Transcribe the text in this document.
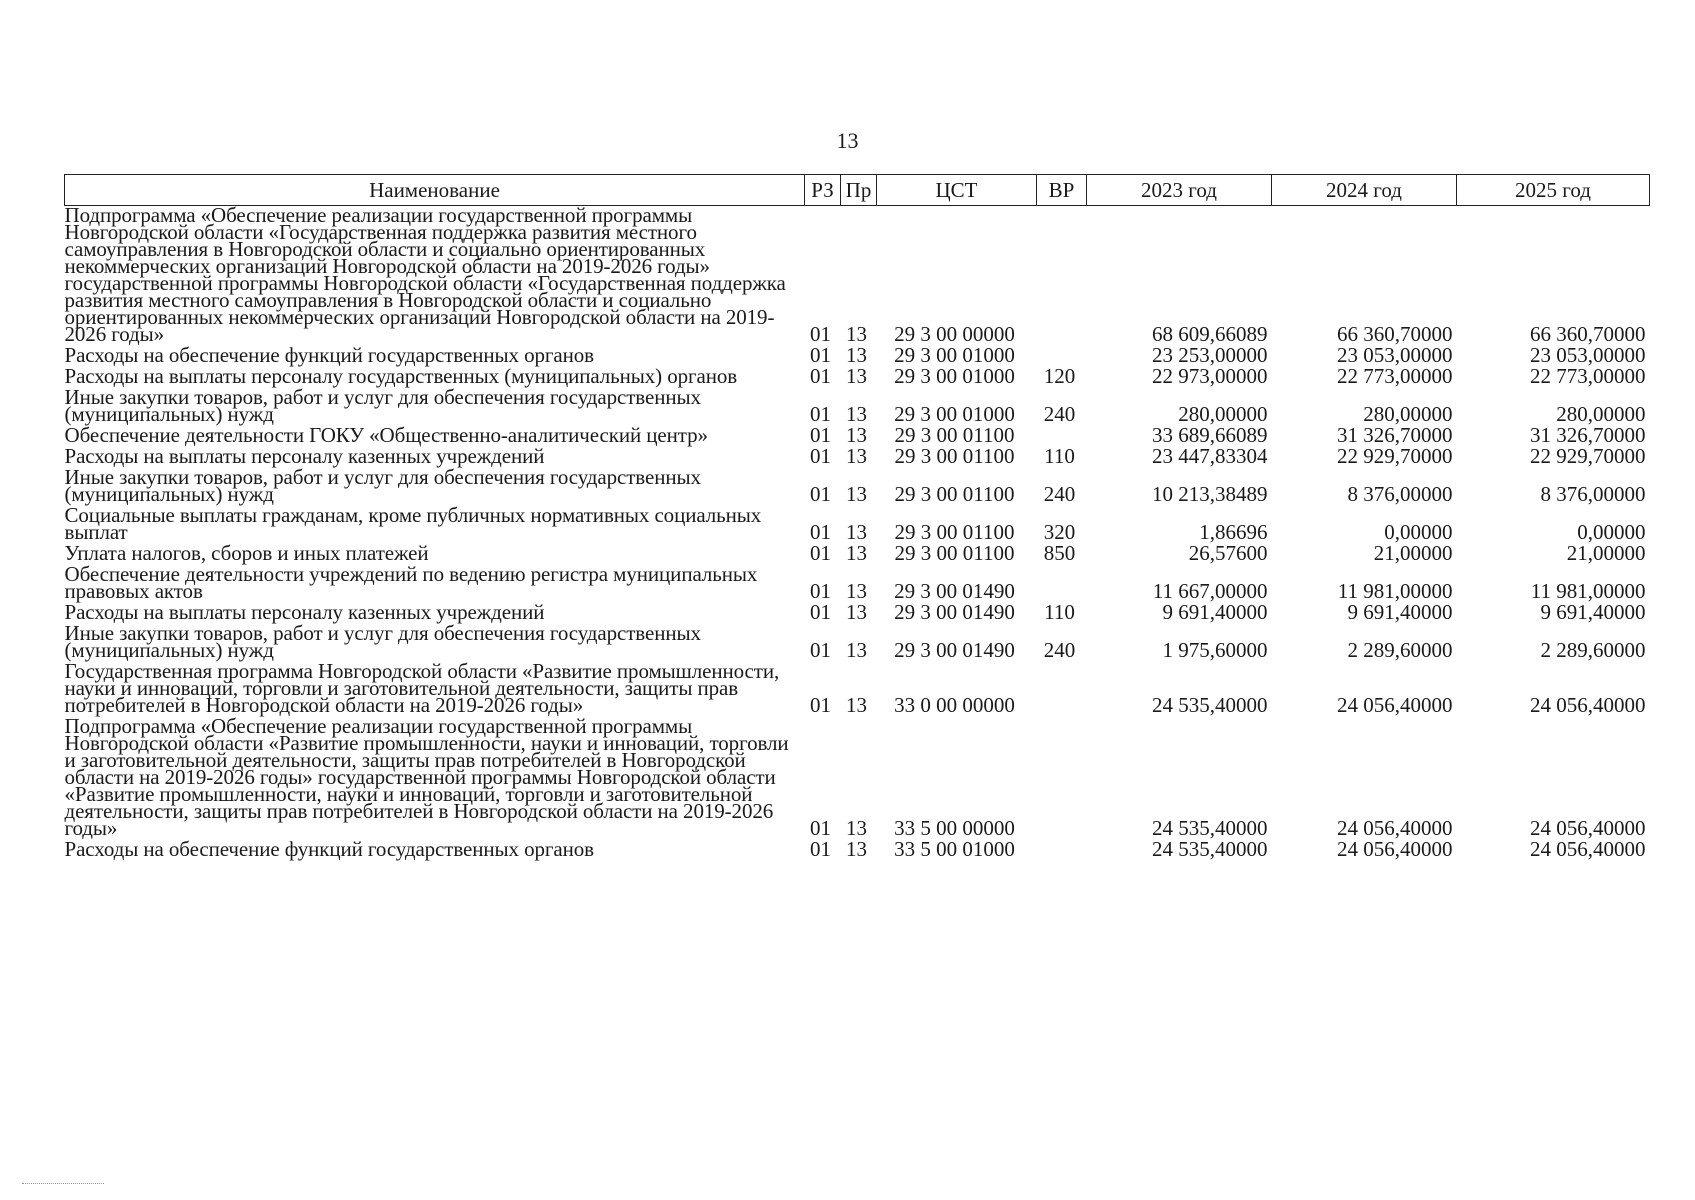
13
Наименование	РЗ	Пр	ЦСТ	ВР	2023 год	2024 год	2025 год
Подпрограмма «Обеспечение реализации государственной программы Новгородской области «Государственная поддержка развития местного самоуправления в Новгородской области и социально ориентированных некоммерческих организаций Новгородской области на 2019-2026 годы» государственной программы Новгородской области «Государственная поддержка развития местного самоуправления в Новгородской области и социально ориентированных некоммерческих организаций Новгородской области на 2019-2026 годы»	01	13	29 3 00 00000		68 609,66089	66 360,70000	66 360,70000
Расходы на обеспечение функций государственных органов	01	13	29 3 00 01000		23 253,00000	23 053,00000	23 053,00000
Расходы на выплаты персоналу государственных (муниципальных) органов	01	13	29 3 00 01000	120	22 973,00000	22 773,00000	22 773,00000
Иные закупки товаров, работ и услуг для обеспечения государственных (муниципальных) нужд	01	13	29 3 00 01000	240	280,00000	280,00000	280,00000
Обеспечение деятельности ГОКУ «Общественно-аналитический центр»	01	13	29 3 00 01100		33 689,66089	31 326,70000	31 326,70000
Расходы на выплаты персоналу казенных учреждений	01	13	29 3 00 01100	110	23 447,83304	22 929,70000	22 929,70000
Иные закупки товаров, работ и услуг для обеспечения государственных (муниципальных) нужд	01	13	29 3 00 01100	240	10 213,38489	8 376,00000	8 376,00000
Социальные выплаты гражданам, кроме публичных нормативных социальных выплат	01	13	29 3 00 01100	320	1,86696	0,00000	0,00000
Уплата налогов, сборов и иных платежей	01	13	29 3 00 01100	850	26,57600	21,00000	21,00000
Обеспечение деятельности учреждений по ведению регистра муниципальных правовых актов	01	13	29 3 00 01490		11 667,00000	11 981,00000	11 981,00000
Расходы на выплаты персоналу казенных учреждений	01	13	29 3 00 01490	110	9 691,40000	9 691,40000	9 691,40000
Иные закупки товаров, работ и услуг для обеспечения государственных (муниципальных) нужд	01	13	29 3 00 01490	240	1 975,60000	2 289,60000	2 289,60000
Государственная программа Новгородской области «Развитие промышленности, науки и инноваций, торговли и заготовительной деятельности, защиты прав потребителей в Новгородской области на 2019-2026 годы»	01	13	33 0 00 00000		24 535,40000	24 056,40000	24 056,40000
Подпрограмма «Обеспечение реализации государственной программы Новгородской области «Развитие промышленности, науки и инноваций, торговли и заготовительной деятельности, защиты прав потребителей в Новгородской области на 2019-2026 годы» государственной программы Новгородской области «Развитие промышленности, науки и инноваций, торговли и заготовительной деятельности, защиты прав потребителей в Новгородской области на 2019-2026 годы»	01	13	33 5 00 00000		24 535,40000	24 056,40000	24 056,40000
Расходы на обеспечение функций государственных органов	01	13	33 5 00 01000		24 535,40000	24 056,40000	24 056,40000
